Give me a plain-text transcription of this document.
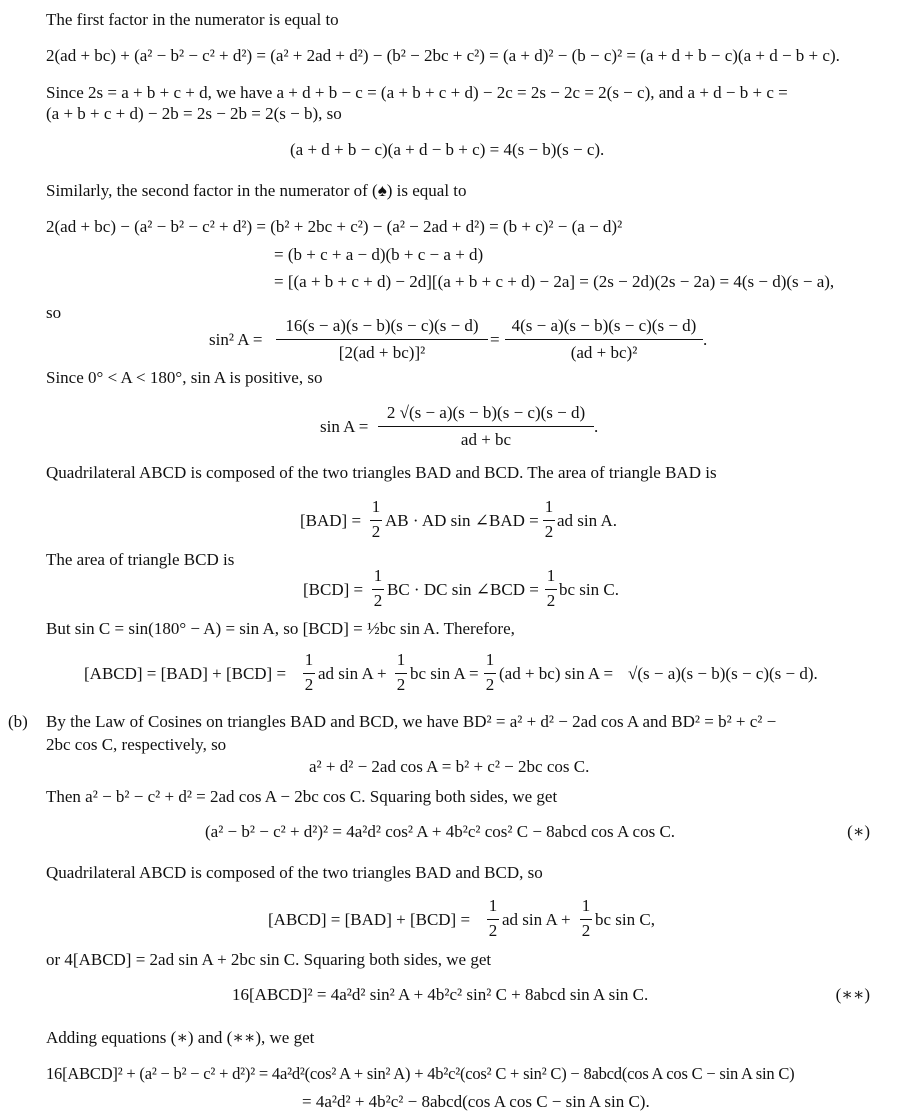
The first factor in the numerator is equal to
2(ad + bc) + (a² − b² − c² + d²) = (a² + 2ad + d²) − (b² − 2bc + c²) = (a + d)² − (b − c)² = (a + d + b − c)(a + d − b + c).
Since 2s = a + b + c + d, we have a + d + b − c = (a + b + c + d) − 2c = 2s − 2c = 2(s − c), and a + d − b + c =
(a + b + c + d) − 2b = 2s − 2b = 2(s − b), so
(a + d + b − c)(a + d − b + c) = 4(s − b)(s − c).
Similarly, the second factor in the numerator of (♠) is equal to
2(ad + bc) − (a² − b² − c² + d²) = (b² + 2bc + c²) − (a² − 2ad + d²) = (b + c)² − (a − d)²
= (b + c + a − d)(b + c − a + d)
= [(a + b + c + d) − 2d][(a + b + c + d) − 2a] = (2s − 2d)(2s − 2a) = 4(s − d)(s − a),
so
sin² A =
16(s − a)(s − b)(s − c)(s − d)
[2(ad + bc)]²
=
4(s − a)(s − b)(s − c)(s − d)
(ad + bc)²
.
Since 0° < A < 180°, sin A is positive, so
sin A =
2 √(s − a)(s − b)(s − c)(s − d)
ad + bc
.
Quadrilateral ABCD is composed of the two triangles BAD and BCD. The area of triangle BAD is
[BAD] =
1
2
AB · AD sin ∠BAD =
1
2
ad sin A.
The area of triangle BCD is
[BCD] =
1
2
BC · DC sin ∠BCD =
1
2
bc sin C.
But sin C = sin(180° − A) = sin A, so [BCD] = ½bc sin A. Therefore,
[ABCD] = [BAD] + [BCD] =
1
2
ad sin A +
1
2
bc sin A =
1
2
(ad + bc) sin A = √(s − a)(s − b)(s − c)(s − d).
(b) By the Law of Cosines on triangles BAD and BCD, we have BD² = a² + d² − 2ad cos A and BD² = b² + c² −
2bc cos C, respectively, so
a² + d² − 2ad cos A = b² + c² − 2bc cos C.
Then a² − b² − c² + d² = 2ad cos A − 2bc cos C. Squaring both sides, we get
(a² − b² − c² + d²)² = 4a²d² cos² A + 4b²c² cos² C − 8abcd cos A cos C.	(∗)
Quadrilateral ABCD is composed of the two triangles BAD and BCD, so
[ABCD] = [BAD] + [BCD] =
1
2
ad sin A +
1
2
bc sin C,
or 4[ABCD] = 2ad sin A + 2bc sin C. Squaring both sides, we get
16[ABCD]² = 4a²d² sin² A + 4b²c² sin² C + 8abcd sin A sin C.	(∗∗)
Adding equations (∗) and (∗∗), we get
16[ABCD]² + (a² − b² − c² + d²)² = 4a²d²(cos² A + sin² A) + 4b²c²(cos² C + sin² C) − 8abcd(cos A cos C − sin A sin C)
= 4a²d² + 4b²c² − 8abcd(cos A cos C − sin A sin C).
